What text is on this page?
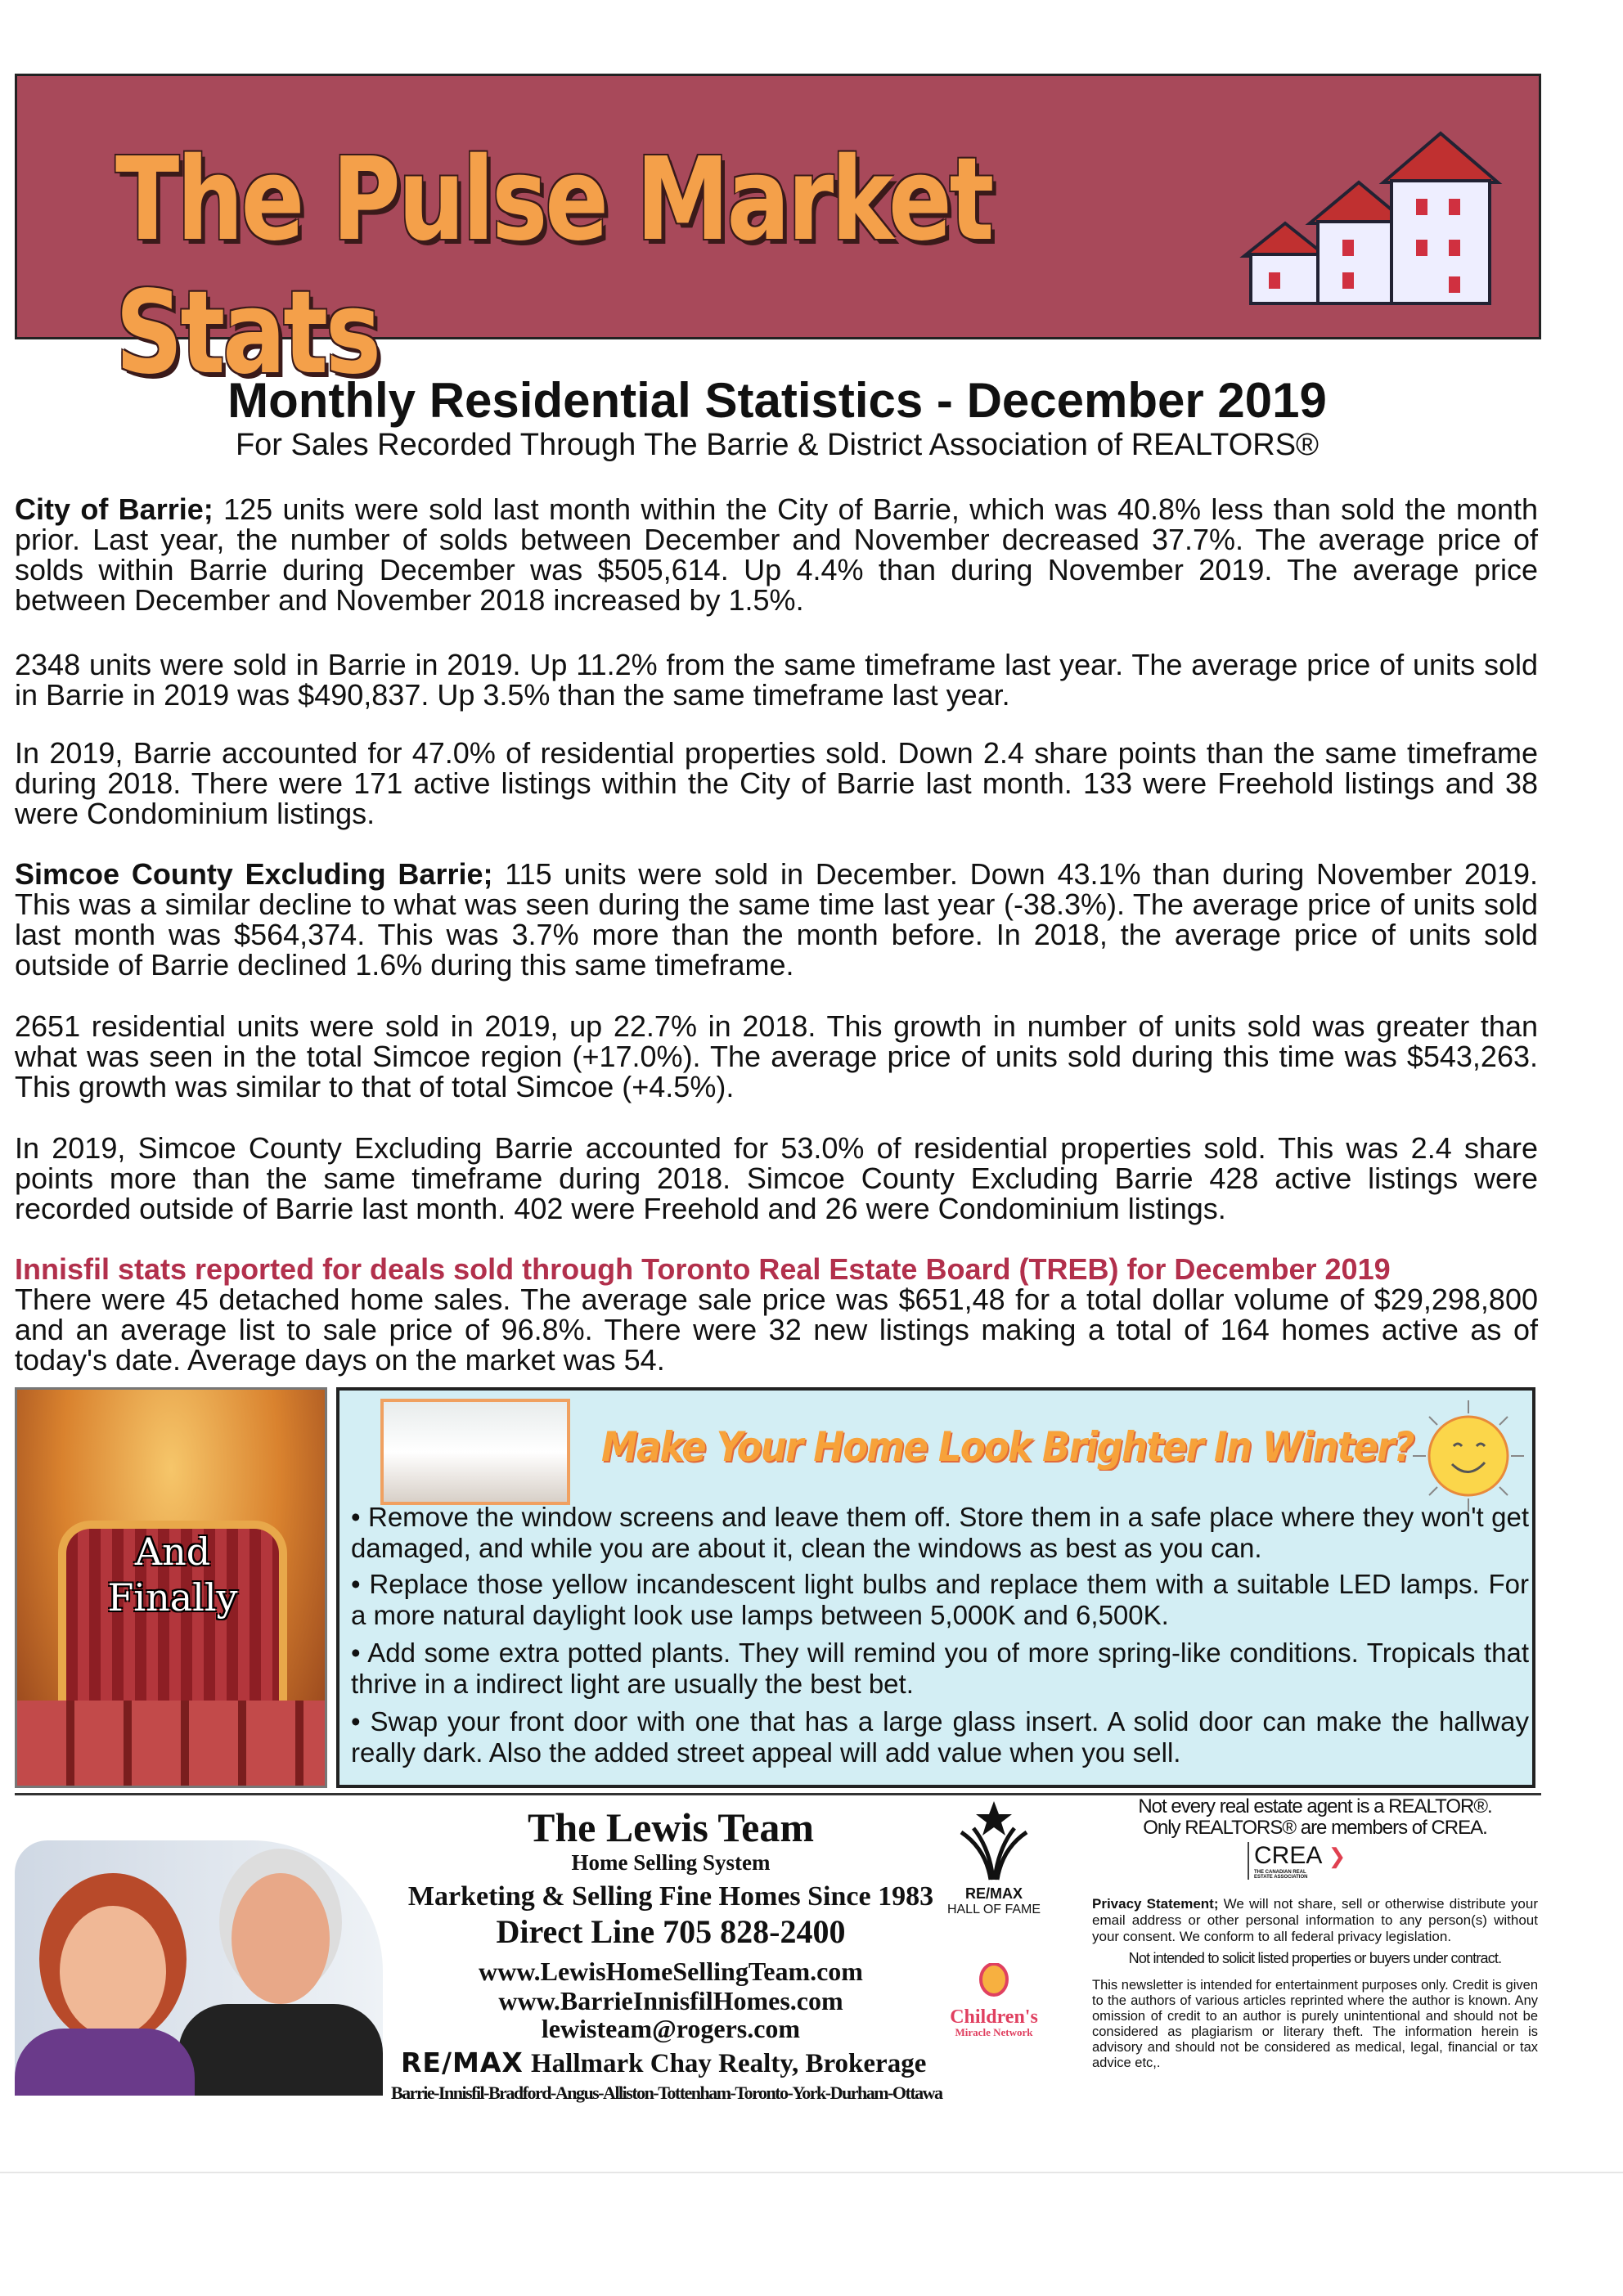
The Pulse Market Stats
Monthly Residential Statistics - December 2019
For Sales Recorded Through The Barrie & District Association of REALTORS®
City of Barrie; 125 units were sold last month within the City of Barrie, which was 40.8% less than sold the month prior. Last year, the number of solds between December and November decreased 37.7%. The average price of solds within Barrie during December was $505,614. Up 4.4% than during November 2019. The average price between December and November 2018 increased by 1.5%.
2348 units were sold in Barrie in 2019. Up 11.2% from the same timeframe last year. The average price of units sold in Barrie in 2019 was $490,837. Up 3.5% than the same timeframe last year.
In 2019, Barrie accounted for 47.0% of residential properties sold. Down 2.4 share points than the same timeframe during 2018. There were 171 active listings within the City of Barrie last month. 133 were Freehold listings and 38 were Condominium listings.
Simcoe County Excluding Barrie; 115 units were sold in December. Down 43.1% than during November 2019. This was a similar decline to what was seen during the same time last year (-38.3%). The average price of units sold last month was $564,374. This was 3.7% more than the month before. In 2018, the average price of units sold outside of Barrie declined 1.6% during this same timeframe.
2651 residential units were sold in 2019, up 22.7% in 2018. This growth in number of units sold was greater than what was seen in the total Simcoe region (+17.0%). The average price of units sold during this time was $543,263. This growth was similar to that of total Simcoe (+4.5%).
In 2019, Simcoe County Excluding Barrie accounted for 53.0% of residential properties sold. This was 2.4 share points more than the same timeframe during 2018. Simcoe County Excluding Barrie 428 active listings were recorded outside of Barrie last month. 402 were Freehold and 26 were Condominium listings.
Innisfil stats reported for deals sold through Toronto Real Estate Board (TREB) for December 2019
There were 45 detached home sales. The average sale price was $651,48 for a total dollar volume of $29,298,800 and an average list to sale price of 96.8%. There were 32 new listings making a total of 164 homes active as of today's date. Average days on the market was 54.
And
Finally
Make Your Home Look Brighter In Winter?
• Remove the window screens and leave them off. Store them in a safe place where they won't get damaged, and while you are about it, clean the windows as best as you can.
• Replace those yellow incandescent light bulbs and replace them with a suitable LED lamps. For a more natural daylight look use lamps between 5,000K and 6,500K.
• Add some extra potted plants. They will remind you of more spring-like conditions. Tropicals that thrive in a indirect light are usually the best bet.
• Swap your front door with one that has a large glass insert. A solid door can make the hallway really dark. Also the added street appeal will add value when you sell.
The Lewis Team
Home Selling System
Marketing & Selling Fine Homes Since 1983
Direct Line 705 828-2400
www.LewisHomeSellingTeam.com
www.BarrieInnisfilHomes.com
lewisteam@rogers.com
RE/MAX Hallmark Chay Realty, Brokerage
Barrie-Innisfil-Bradford-Angus-Alliston-Tottenham-Toronto-York-Durham-Ottawa
RE/MAX
HALL OF FAME
Children's
Miracle Network
Not every real estate agent is a REALTOR®.
Only REALTORS® are members of CREA.
CREA ❯
THE CANADIAN REAL ESTATE ASSOCIATION
Privacy Statement; We will not share, sell or otherwise distribute your email address or other personal information to any person(s) without your consent. We conform to all federal privacy legislation.
Not intended to solicit listed properties or buyers under contract.
This newsletter is intended for entertainment purposes only. Credit is given to the authors of various articles reprinted where the author is known. Any omission of credit to an author is purely unintentional and should not be considered as plagiarism or literary theft. The information herein is advisory and should not be considered as medical, legal, financial or tax advice etc,.
